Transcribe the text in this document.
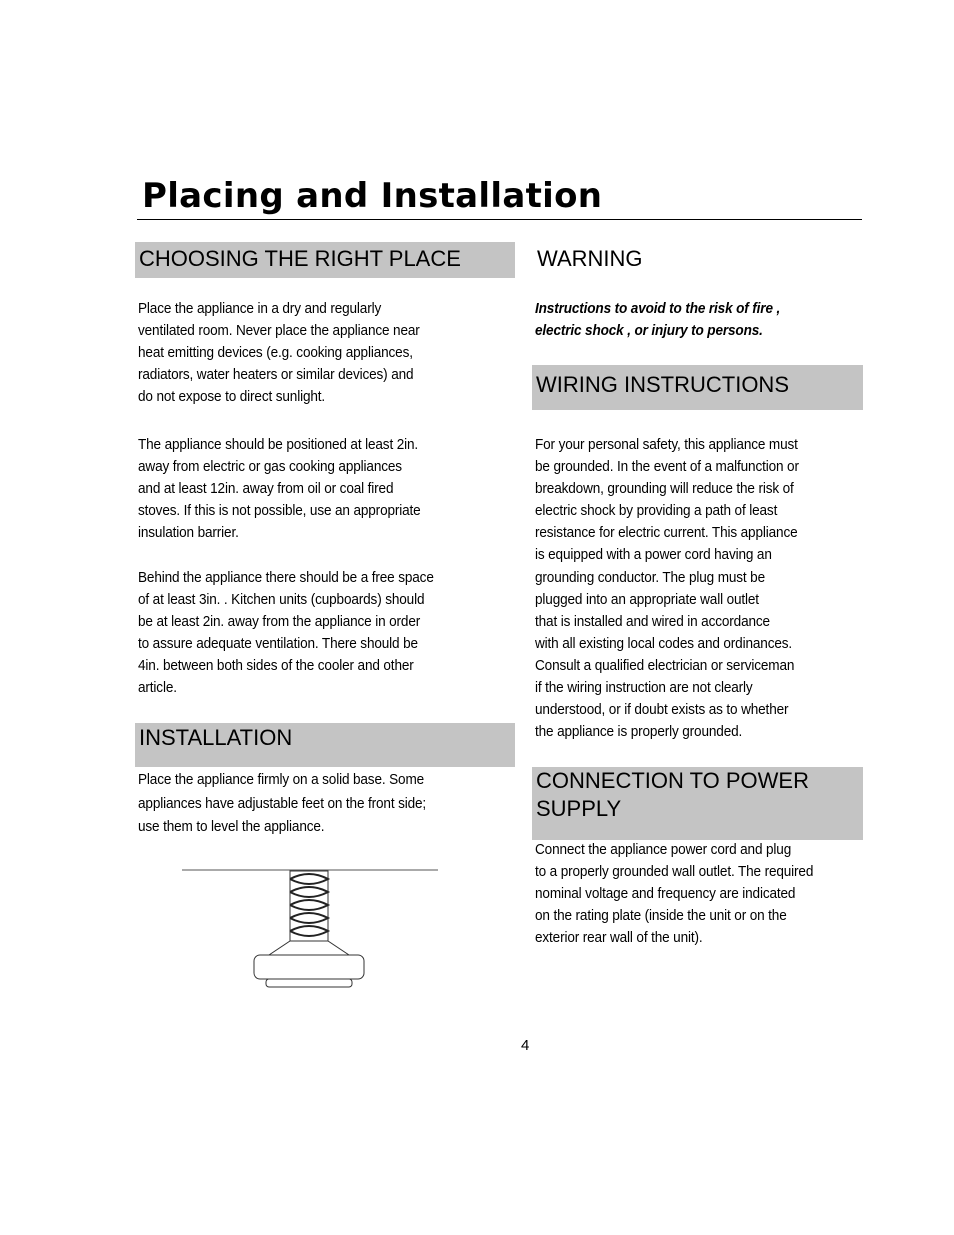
Placing and Installation
CHOOSING THE RIGHT PLACE

Place the appliance in a dry and regularly
ventilated room. Never place the appliance near
heat emitting devices (e.g. cooking appliances,
radiators, water heaters or similar devices) and
do not expose to direct sunlight.

The appliance should be positioned at least 2in.
away from electric or gas cooking appliances
and at least 12in. away from oil or coal fired
stoves. If this is not possible, use an appropriate
insulation barrier.

Behind the appliance there should be a free space
of at least 3in. . Kitchen units (cupboards) should
be at least 2in. away from the appliance in order
to assure adequate ventilation. There should be
4in. between both sides of the cooler and other
article.

INSTALLATION

Place the appliance firmly on a solid base. Some
appliances have adjustable feet on the front side;
use them to level the appliance.

WARNING

Instructions to avoid to the risk of fire ,
electric shock , or injury to persons.

WIRING INSTRUCTIONS

For your personal safety, this appliance must
be grounded. In the event of a malfunction or
breakdown, grounding will reduce the risk of
electric shock by providing a path of least
resistance for electric current. This appliance
is equipped with a power cord having an
grounding conductor. The plug must be
plugged into an appropriate wall outlet
that is installed and wired in accordance
with all existing local codes and ordinances.
Consult a qualified electrician or serviceman
if the wiring instruction are not clearly
understood, or if doubt exists as to whether
the appliance is properly grounded.

CONNECTION TO POWER
SUPPLY

Connect the appliance power cord and plug
to a properly grounded wall outlet. The required
nominal voltage and frequency are indicated
on the rating plate (inside the unit or on the
exterior rear wall of the unit).

4
